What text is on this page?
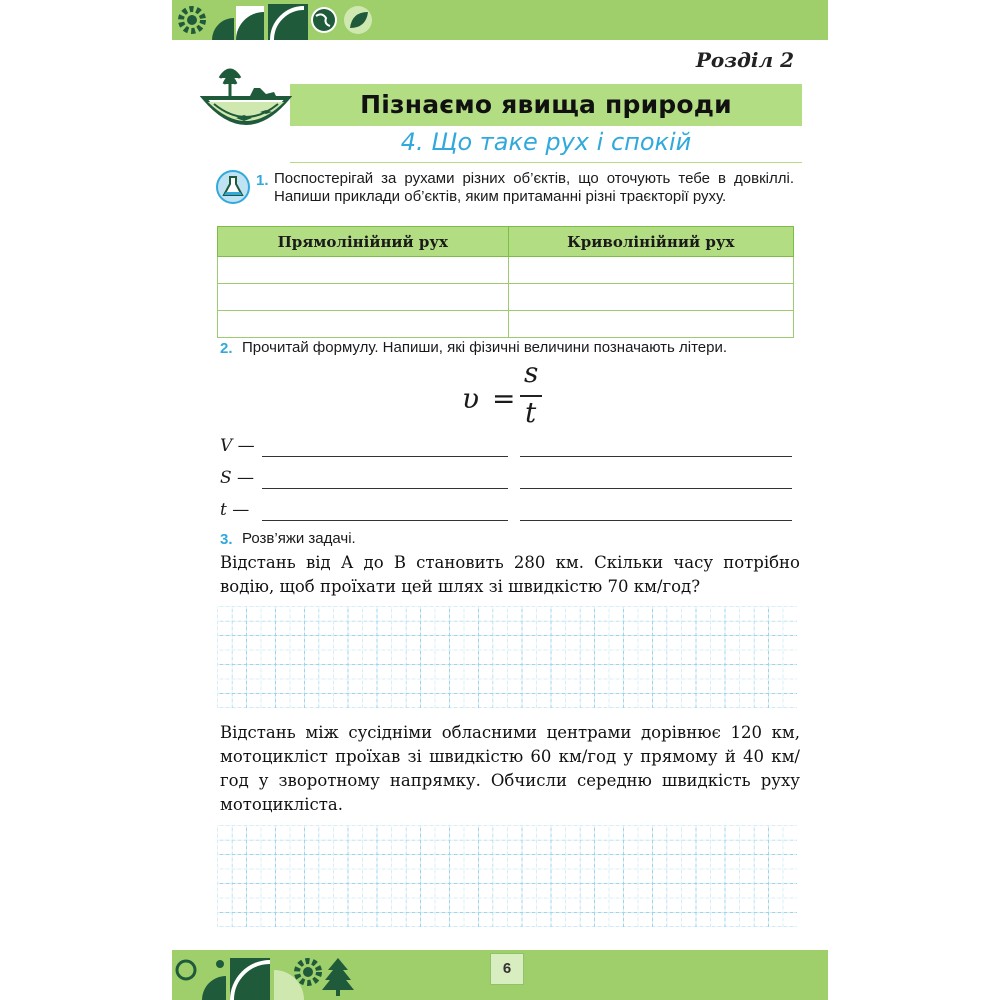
Розділ 2
Пізнаємо явища природи
4. Що таке рух і спокій
1. Поспостерігай за рухами різних об’єктів, що оточують тебе в довкіллі. Напиши приклади об’єктів, яким притаманні різні траєкторії руху.
Прямолінійний рух	Криволінійний рух

2. Прочитай формулу. Напиши, які фізичні величини позначають літери.
υ =
s
t
V —
S —
t —
3. Розв’яжи задачі.
Відстань від А до В становить 280 км. Скільки часу потрібно водію, щоб проїхати цей шлях зі швидкістю 70 км/год?
Відстань між сусідніми обласними центрами дорівнює 120 км, мотоцикліст проїхав зі швидкістю 60 км/год у прямому й 40 км/год у зворотному напрямку. Обчисли середню швидкість руху мотоцикліста.
6
